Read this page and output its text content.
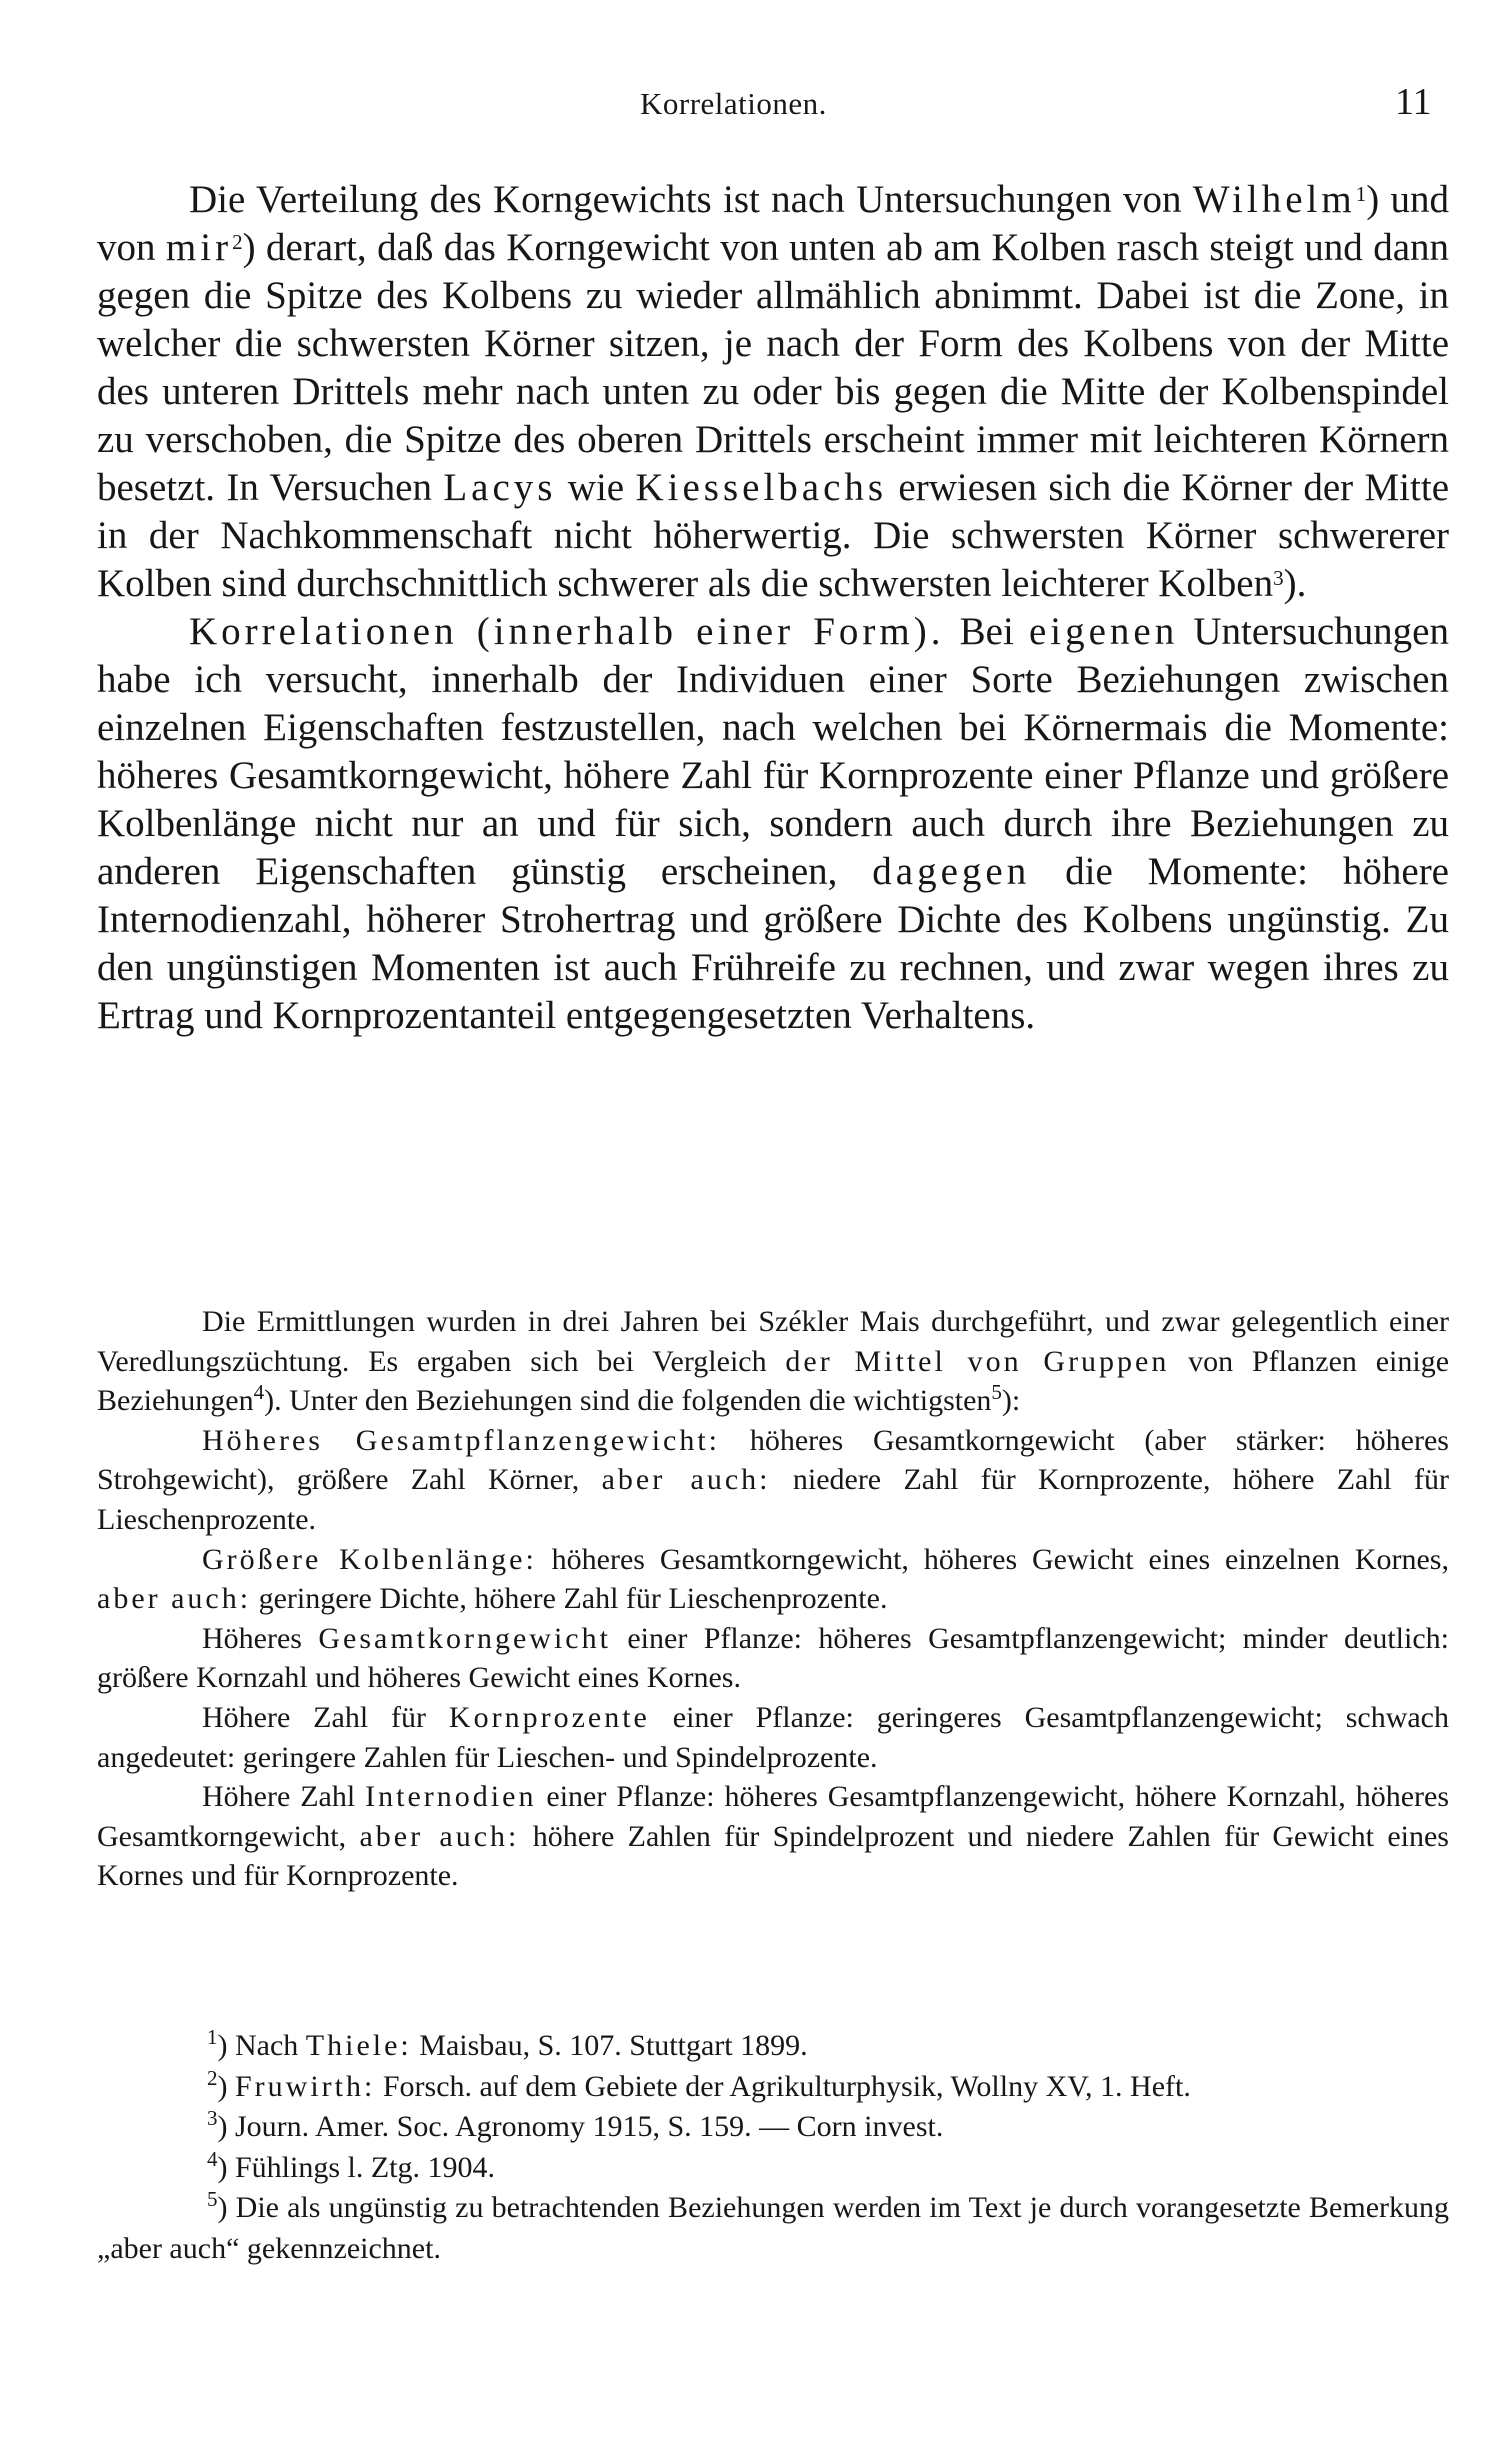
Korrelationen.	11

Die Verteilung des Korngewichts ist nach Untersuchungen von Wilhelm$^1$) und von mir$^2$) derart, daß das Korngewicht von unten ab am Kolben rasch steigt und dann gegen die Spitze des Kolbens zu wieder allmählich abnimmt. Dabei ist die Zone, in welcher die schwersten Körner sitzen, je nach der Form des Kolbens von der Mitte des unteren Drittels mehr nach unten zu oder bis gegen die Mitte der Kolbenspindel zu verschoben, die Spitze des oberen Drittels erscheint immer mit leichteren Körnern besetzt. In Versuchen Lacys wie Kiesselbachs erwiesen sich die Körner der Mitte in der Nachkommenschaft nicht höherwertig. Die schwersten Körner schwererer Kolben sind durchschnittlich schwerer als die schwersten leichterer Kolben$^3$).

Korrelationen (innerhalb einer Form). Bei eigenen Untersuchungen habe ich versucht, innerhalb der Individuen einer Sorte Beziehungen zwischen einzelnen Eigenschaften festzustellen, nach welchen bei Körnermais die Momente: höheres Gesamtkorngewicht, höhere Zahl für Kornprozente einer Pflanze und größere Kolbenlänge nicht nur an und für sich, sondern auch durch ihre Beziehungen zu anderen Eigenschaften günstig erscheinen, dagegen die Momente: höhere Internodienzahl, höherer Strohertrag und größere Dichte des Kolbens ungünstig. Zu den ungünstigen Momenten ist auch Frühreife zu rechnen, und zwar wegen ihres zu Ertrag und Kornprozentanteil entgegengesetzten Verhaltens.

Die Ermittlungen wurden in drei Jahren bei Székler Mais durchgeführt, und zwar gelegentlich einer Veredlungszüchtung. Es ergaben sich bei Vergleich der Mittel von Gruppen von Pflanzen einige Beziehungen$^4$). Unter den Beziehungen sind die folgenden die wichtigsten$^5$):

Höheres Gesamtpflanzengewicht: höheres Gesamtkorngewicht (aber stärker: höheres Strohgewicht), größere Zahl Körner, aber auch: niedere Zahl für Kornprozente, höhere Zahl für Lieschenprozente.

Größere Kolbenlänge: höheres Gesamtkorngewicht, höheres Gewicht eines einzelnen Kornes, aber auch: geringere Dichte, höhere Zahl für Lieschenprozente.

Höheres Gesamtkorngewicht einer Pflanze: höheres Gesamtpflanzengewicht; minder deutlich: größere Kornzahl und höheres Gewicht eines Kornes.

Höhere Zahl für Kornprozente einer Pflanze: geringeres Gesamtpflanzengewicht; schwach angedeutet: geringere Zahlen für Lieschen- und Spindelprozente.

Höhere Zahl Internodien einer Pflanze: höheres Gesamtpflanzengewicht, höhere Kornzahl, höheres Gesamtkorngewicht, aber auch: höhere Zahlen für Spindelprozent und niedere Zahlen für Gewicht eines Kornes und für Kornprozente.

$^1$) Nach Thiele: Maisbau, S. 107. Stuttgart 1899.

$^2$) Fruwirth: Forsch. auf dem Gebiete der Agrikulturphysik, Wollny XV, 1. Heft.

$^3$) Journ. Amer. Soc. Agronomy 1915, S. 159. — Corn invest.

$^4$) Fühlings l. Ztg. 1904.

$^5$) Die als ungünstig zu betrachtenden Beziehungen werden im Text je durch vorangesetzte Bemerkung „aber auch“ gekennzeichnet.
